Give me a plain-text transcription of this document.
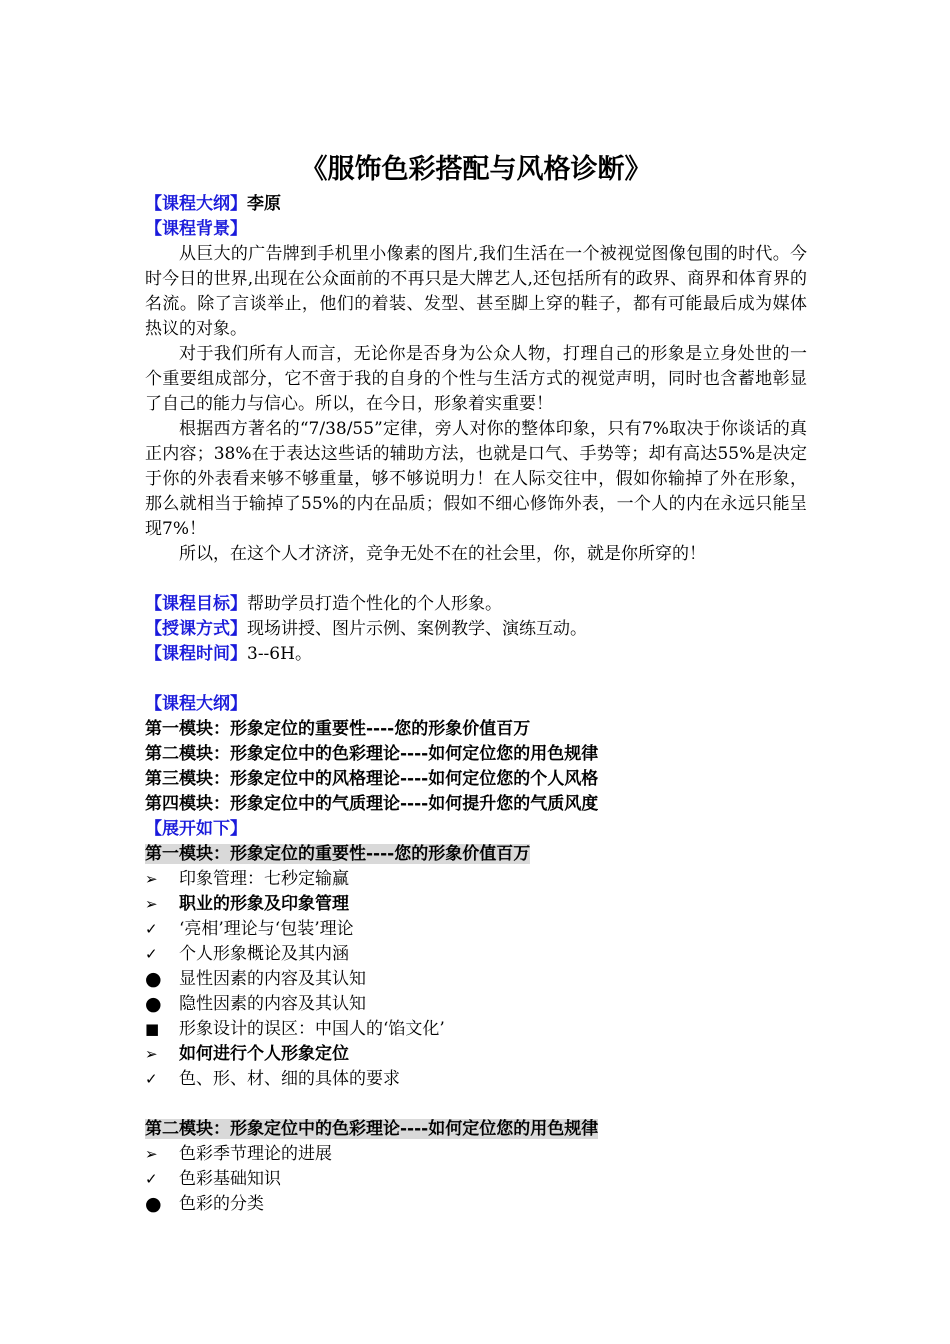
《服饰色彩搭配与风格诊断》
【课程大纲】李原
【课程背景】

从巨大的广告牌到手机里小像素的图片,我们生活在一个被视觉图像包围的时代。今时今日的世界,出现在公众面前的不再只是大牌艺人,还包括所有的政界、商界和体育界的名流。除了言谈举止，他们的着装、发型、甚至脚上穿的鞋子，都有可能最后成为媒体热议的对象。

对于我们所有人而言，无论你是否身为公众人物，打理自己的形象是立身处世的一个重要组成部分，它不啻于我的自身的个性与生活方式的视觉声明，同时也含蓄地彰显了自己的能力与信心。所以，在今日，形象着实重要！

根据西方著名的“7/38/55”定律，旁人对你的整体印象，只有7%取决于你谈话的真正内容；38%在于表达这些话的辅助方法，也就是口气、手势等；却有高达55%是决定于你的外表看来够不够重量，够不够说明力！在人际交往中，假如你输掉了外在形象，那么就相当于输掉了55%的内在品质；假如不细心修饰外表，一个人的内在永远只能呈现7%！

所以，在这个人才济济，竞争无处不在的社会里，你，就是你所穿的！

【课程目标】帮助学员打造个性化的个人形象。
【授课方式】现场讲授、图片示例、案例教学、演练互动。
【课程时间】3--6H。
【课程大纲】
第一模块：形象定位的重要性----您的形象价值百万
第二模块：形象定位中的色彩理论----如何定位您的用色规律
第三模块：形象定位中的风格理论----如何定位您的个人风格
第四模块：形象定位中的气质理论----如何提升您的气质风度
【展开如下】
第一模块：形象定位的重要性----您的形象价值百万
➢	印象管理：七秒定输赢
➢	职业的形象及印象管理
✓	‘亮相’理论与‘包装’理论
✓	个人形象概论及其内涵
●	显性因素的内容及其认知
●	隐性因素的内容及其认知
■	形象设计的误区：中国人的‘馅文化’
➢	如何进行个人形象定位
✓	色、形、材、细的具体的要求
第二模块：形象定位中的色彩理论----如何定位您的用色规律
➢	色彩季节理论的进展
✓	色彩基础知识
●	色彩的分类
